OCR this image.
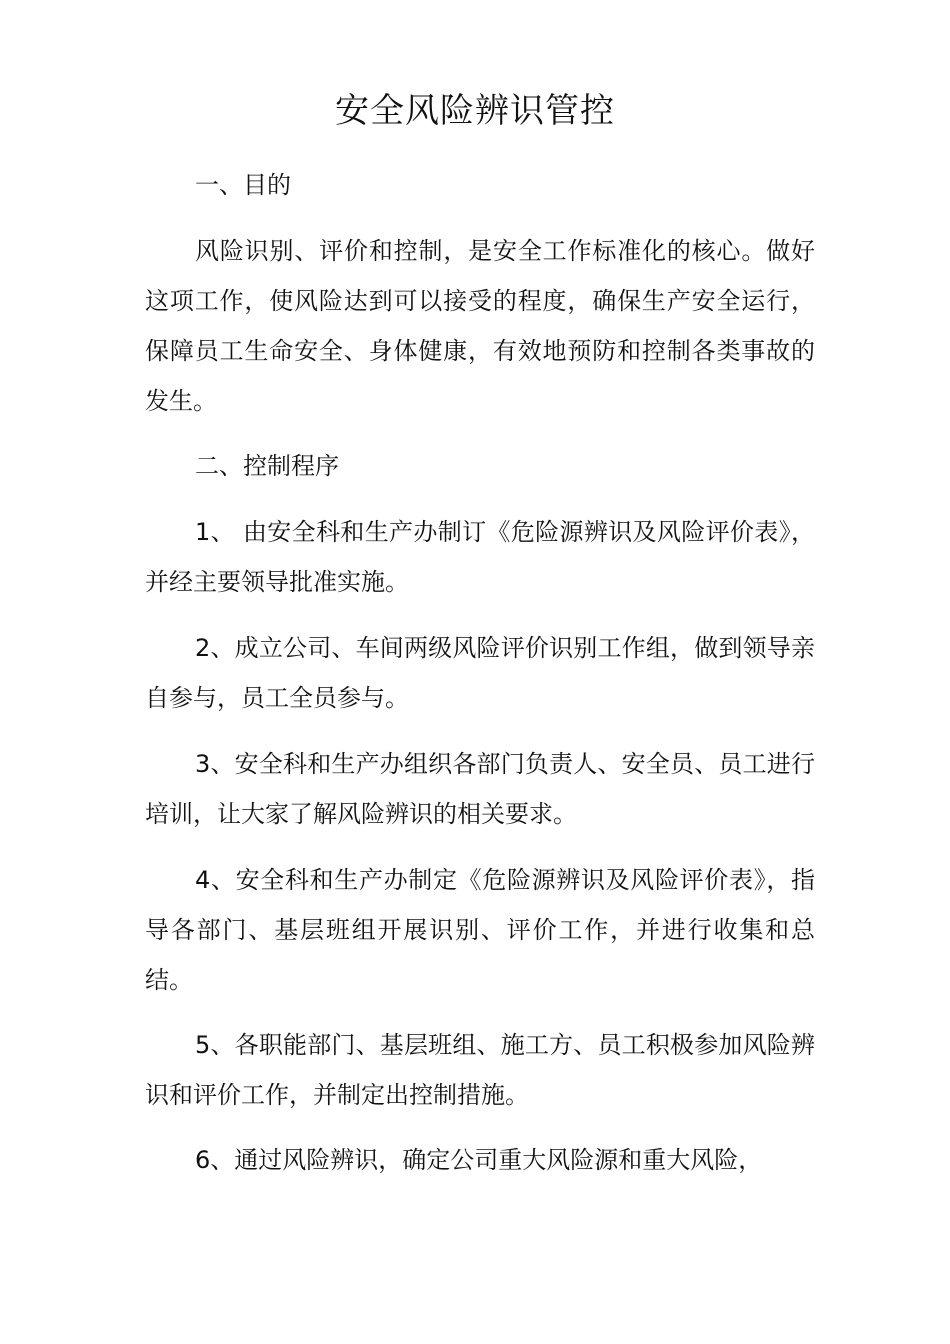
安全风险辨识管控
一、目的
风险识别、评价和控制，是安全工作标准化的核心。做好这项工作，使风险达到可以接受的程度，确保生产安全运行，保障员工生命安全、身体健康，有效地预防和控制各类事故的发生。
二、控制程序
1、 由安全科和生产办制订《危险源辨识及风险评价表》，并经主要领导批准实施。
2、成立公司、车间两级风险评价识别工作组，做到领导亲自参与，员工全员参与。
3、安全科和生产办组织各部门负责人、安全员、员工进行培训，让大家了解风险辨识的相关要求。
4、安全科和生产办制定《危险源辨识及风险评价表》，指导各部门、基层班组开展识别、评价工作，并进行收集和总结。
5、各职能部门、基层班组、施工方、员工积极参加风险辨识和评价工作，并制定出控制措施。
6、通过风险辨识，确定公司重大风险源和重大风险，
